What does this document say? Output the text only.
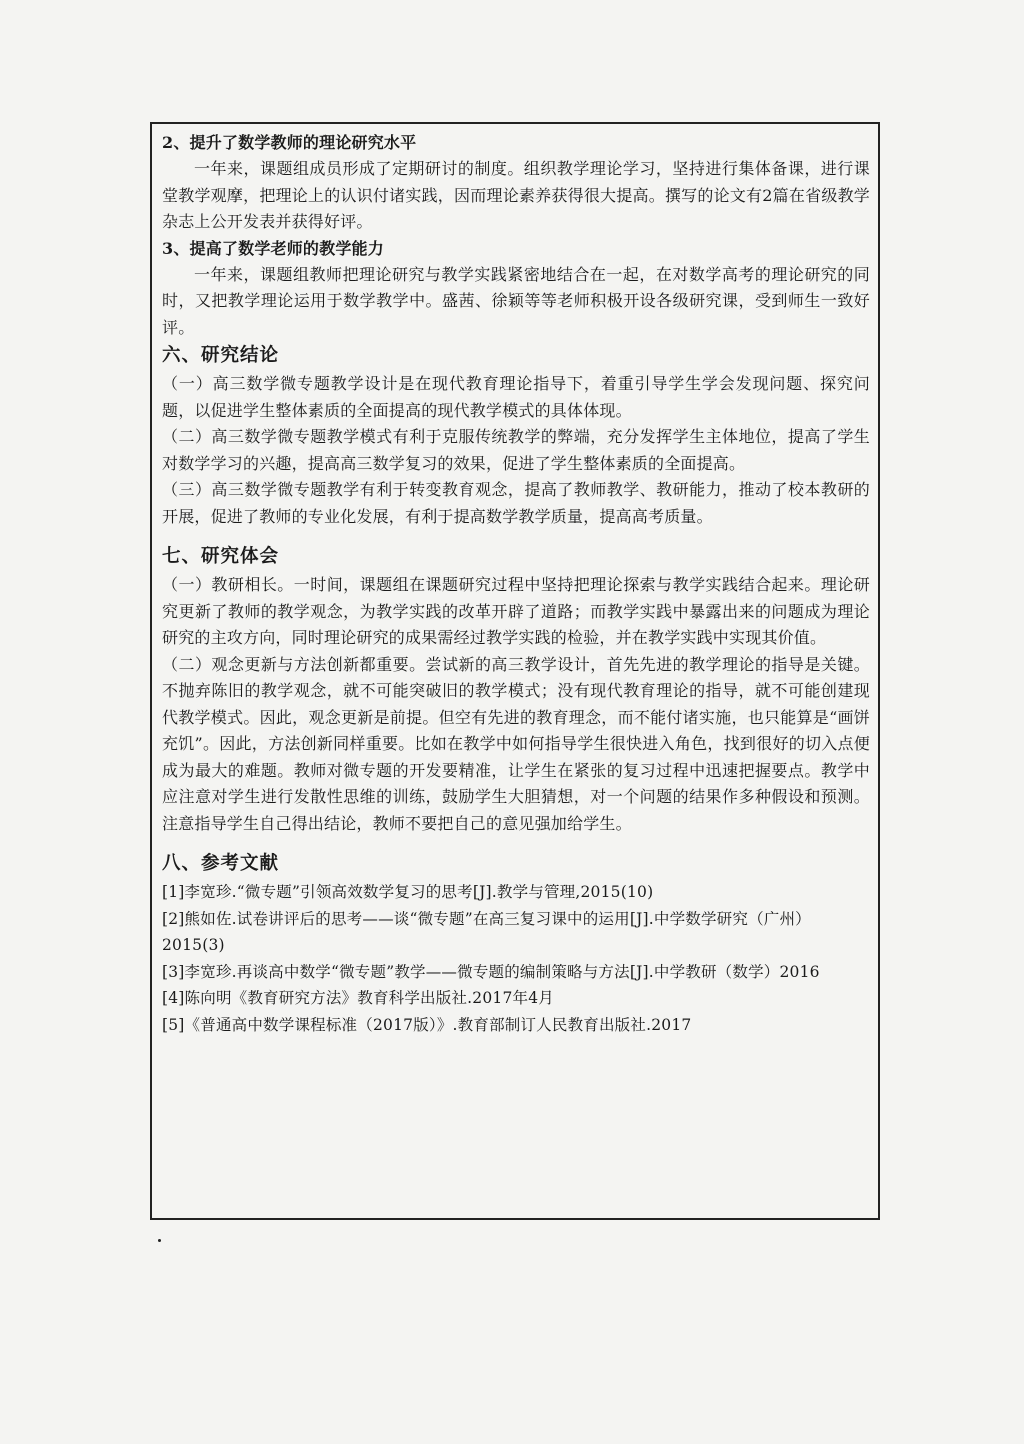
2、提升了数学教师的理论研究水平
一年来，课题组成员形成了定期研讨的制度。组织教学理论学习，坚持进行集体备课，进行课堂教学观摩，把理论上的认识付诸实践，因而理论素养获得很大提高。撰写的论文有2篇在省级教学杂志上公开发表并获得好评。
3、提高了数学老师的教学能力
一年来，课题组教师把理论研究与教学实践紧密地结合在一起，在对数学高考的理论研究的同时，又把教学理论运用于数学教学中。盛茜、徐颖等等老师积极开设各级研究课，受到师生一致好评。
六、研究结论
（一）高三数学微专题教学设计是在现代教育理论指导下，着重引导学生学会发现问题、探究问题，以促进学生整体素质的全面提高的现代教学模式的具体体现。
（二）高三数学微专题教学模式有利于克服传统教学的弊端，充分发挥学生主体地位，提高了学生对数学学习的兴趣，提高高三数学复习的效果，促进了学生整体素质的全面提高。
（三）高三数学微专题教学有利于转变教育观念，提高了教师教学、教研能力，推动了校本教研的开展，促进了教师的专业化发展，有利于提高数学教学质量，提高高考质量。
七、研究体会
（一）教研相长。一时间，课题组在课题研究过程中坚持把理论探索与教学实践结合起来。理论研究更新了教师的教学观念，为教学实践的改革开辟了道路；而教学实践中暴露出来的问题成为理论研究的主攻方向，同时理论研究的成果需经过教学实践的检验，并在教学实践中实现其价值。
（二）观念更新与方法创新都重要。尝试新的高三教学设计，首先先进的教学理论的指导是关键。不抛弃陈旧的教学观念，就不可能突破旧的教学模式；没有现代教育理论的指导，就不可能创建现代教学模式。因此，观念更新是前提。但空有先进的教育理念，而不能付诸实施，也只能算是“画饼充饥”。因此，方法创新同样重要。比如在教学中如何指导学生很快进入角色，找到很好的切入点便成为最大的难题。教师对微专题的开发要精准，让学生在紧张的复习过程中迅速把握要点。教学中应注意对学生进行发散性思维的训练，鼓励学生大胆猜想，对一个问题的结果作多种假设和预测。注意指导学生自己得出结论，教师不要把自己的意见强加给学生。
八、参考文献
[1]李宽珍.“微专题”引领高效数学复习的思考[J].教学与管理,2015(10)
[2]熊如佐.试卷讲评后的思考——谈“微专题”在高三复习课中的运用[J].中学数学研究（广州）2015(3)
[3]李宽珍.再谈高中数学“微专题”教学——微专题的编制策略与方法[J].中学教研（数学）2016
[4]陈向明《教育研究方法》教育科学出版社.2017年4月
[5]《普通高中数学课程标准（2017版）》.教育部制订人民教育出版社.2017
